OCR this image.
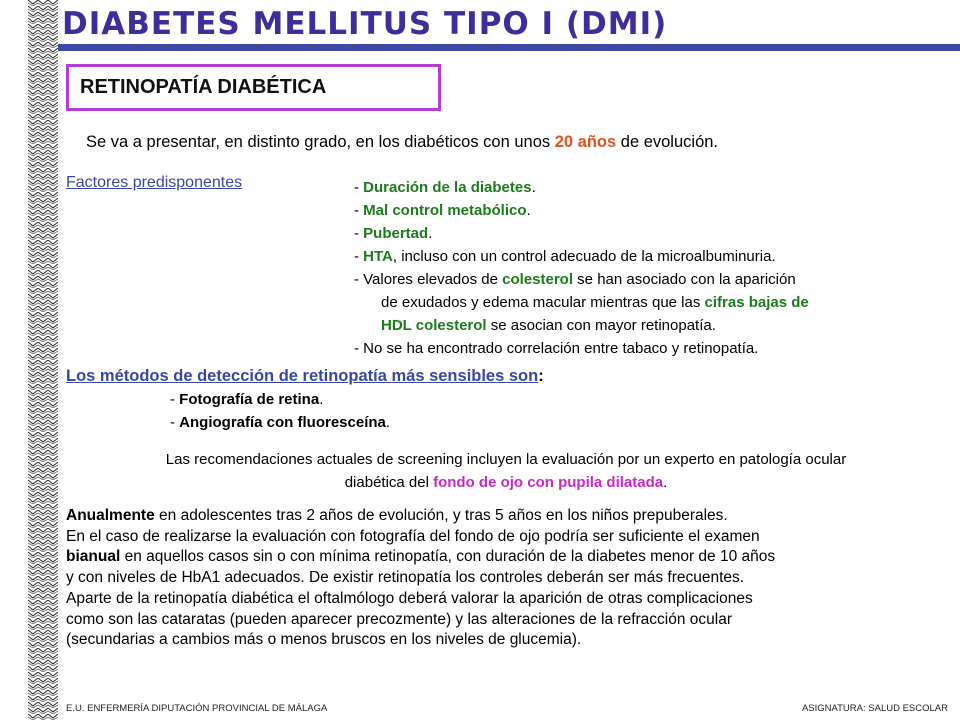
DIABETES MELLITUS TIPO I (DMI)
RETINOPATÍA DIABÉTICA
Se va a presentar, en distinto grado, en los diabéticos con unos 20 años de evolución.
Factores predisponentes	- Duración de la diabetes.
- Mal control metabólico.
- Pubertad.
- HTA, incluso con un control adecuado de la microalbuminuria.
- Valores elevados de colesterol se han asociado con la aparición
de exudados y edema macular mientras que las cifras bajas de
HDL colesterol se asocian con mayor retinopatía.
- No se ha encontrado correlación entre tabaco y retinopatía.
Los métodos de detección de retinopatía más sensibles son:
- Fotografía de retina.
- Angiografía con fluoresceína.
Las recomendaciones actuales de screening incluyen la evaluación por un experto en patología ocular
diabética del fondo de ojo con pupila dilatada.
Anualmente en adolescentes tras 2 años de evolución, y tras 5 años en los niños prepuberales.
En el caso de realizarse la evaluación con fotografía del fondo de ojo podría ser suficiente el examen
bianual en aquellos casos sin o con mínima retinopatía, con duración de la diabetes menor de 10 años
y con niveles de HbA1 adecuados. De existir retinopatía los controles deberán ser más frecuentes.
Aparte de la retinopatía diabética el oftalmólogo deberá valorar la aparición de otras complicaciones
como son las cataratas (pueden aparecer precozmente) y las alteraciones de la refracción ocular
(secundarias a cambios más o menos bruscos en los niveles de glucemia).
E.U. ENFERMERÍA DIPUTACIÓN PROVINCIAL DE MÁLAGA	ASIGNATURA: SALUD ESCOLAR
